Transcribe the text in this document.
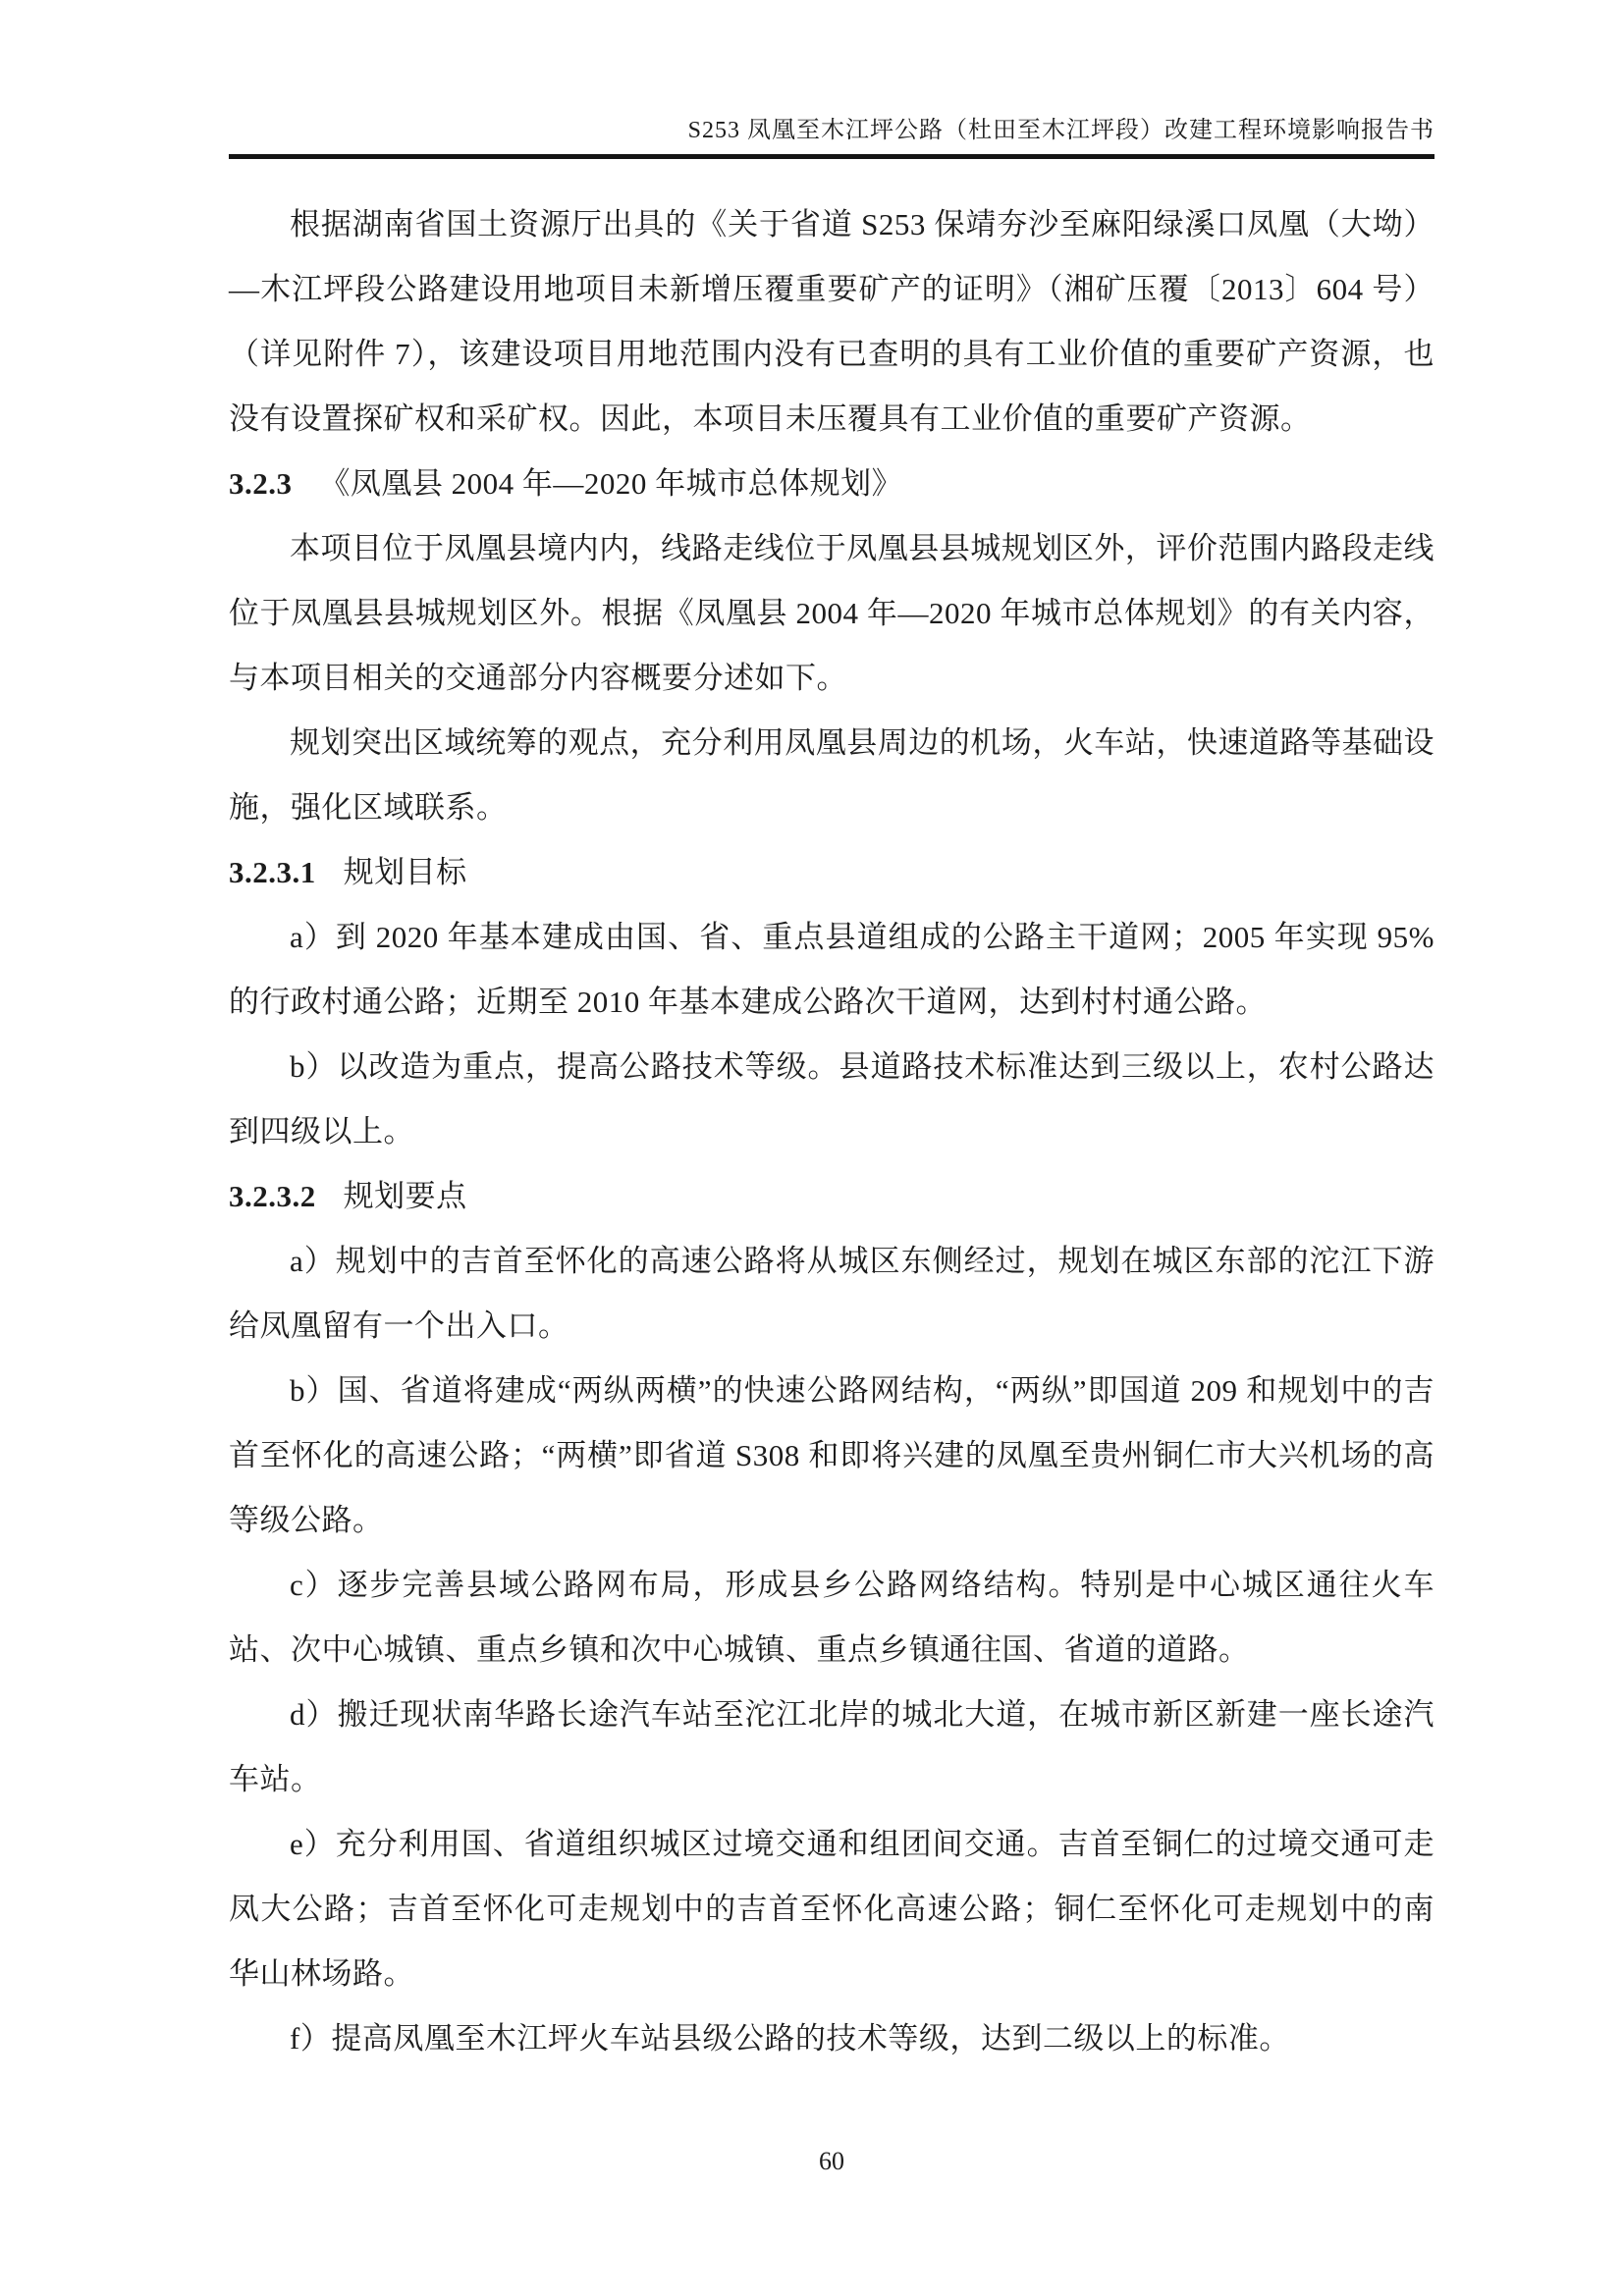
S253 凤凰至木江坪公路（杜田至木江坪段）改建工程环境影响报告书

根据湖南省国土资源厅出具的《关于省道 S253 保靖夯沙至麻阳绿溪口凤凰（大坳）—木江坪段公路建设用地项目未新增压覆重要矿产的证明》（湘矿压覆〔2013〕604 号）（详见附件 7），该建设项目用地范围内没有已查明的具有工业价值的重要矿产资源，也没有设置探矿权和采矿权。因此，本项目未压覆具有工业价值的重要矿产资源。

3.2.3 《凤凰县 2004 年—2020 年城市总体规划》

本项目位于凤凰县境内内，线路走线位于凤凰县县城规划区外，评价范围内路段走线位于凤凰县县城规划区外。根据《凤凰县 2004 年—2020 年城市总体规划》的有关内容，与本项目相关的交通部分内容概要分述如下。

规划突出区域统筹的观点，充分利用凤凰县周边的机场，火车站，快速道路等基础设施，强化区域联系。

3.2.3.1 规划目标

a）到 2020 年基本建成由国、省、重点县道组成的公路主干道网；2005 年实现 95%的行政村通公路；近期至 2010 年基本建成公路次干道网，达到村村通公路。

b）以改造为重点，提高公路技术等级。县道路技术标准达到三级以上，农村公路达到四级以上。

3.2.3.2 规划要点

a）规划中的吉首至怀化的高速公路将从城区东侧经过，规划在城区东部的沱江下游给凤凰留有一个出入口。

b）国、省道将建成“两纵两横”的快速公路网结构，“两纵”即国道 209 和规划中的吉首至怀化的高速公路；“两横”即省道 S308 和即将兴建的凤凰至贵州铜仁市大兴机场的高等级公路。

c）逐步完善县域公路网布局，形成县乡公路网络结构。特别是中心城区通往火车站、次中心城镇、重点乡镇和次中心城镇、重点乡镇通往国、省道的道路。

d）搬迁现状南华路长途汽车站至沱江北岸的城北大道，在城市新区新建一座长途汽车站。

e）充分利用国、省道组织城区过境交通和组团间交通。吉首至铜仁的过境交通可走凤大公路；吉首至怀化可走规划中的吉首至怀化高速公路；铜仁至怀化可走规划中的南华山林场路。

f）提高凤凰至木江坪火车站县级公路的技术等级，达到二级以上的标准。

60
